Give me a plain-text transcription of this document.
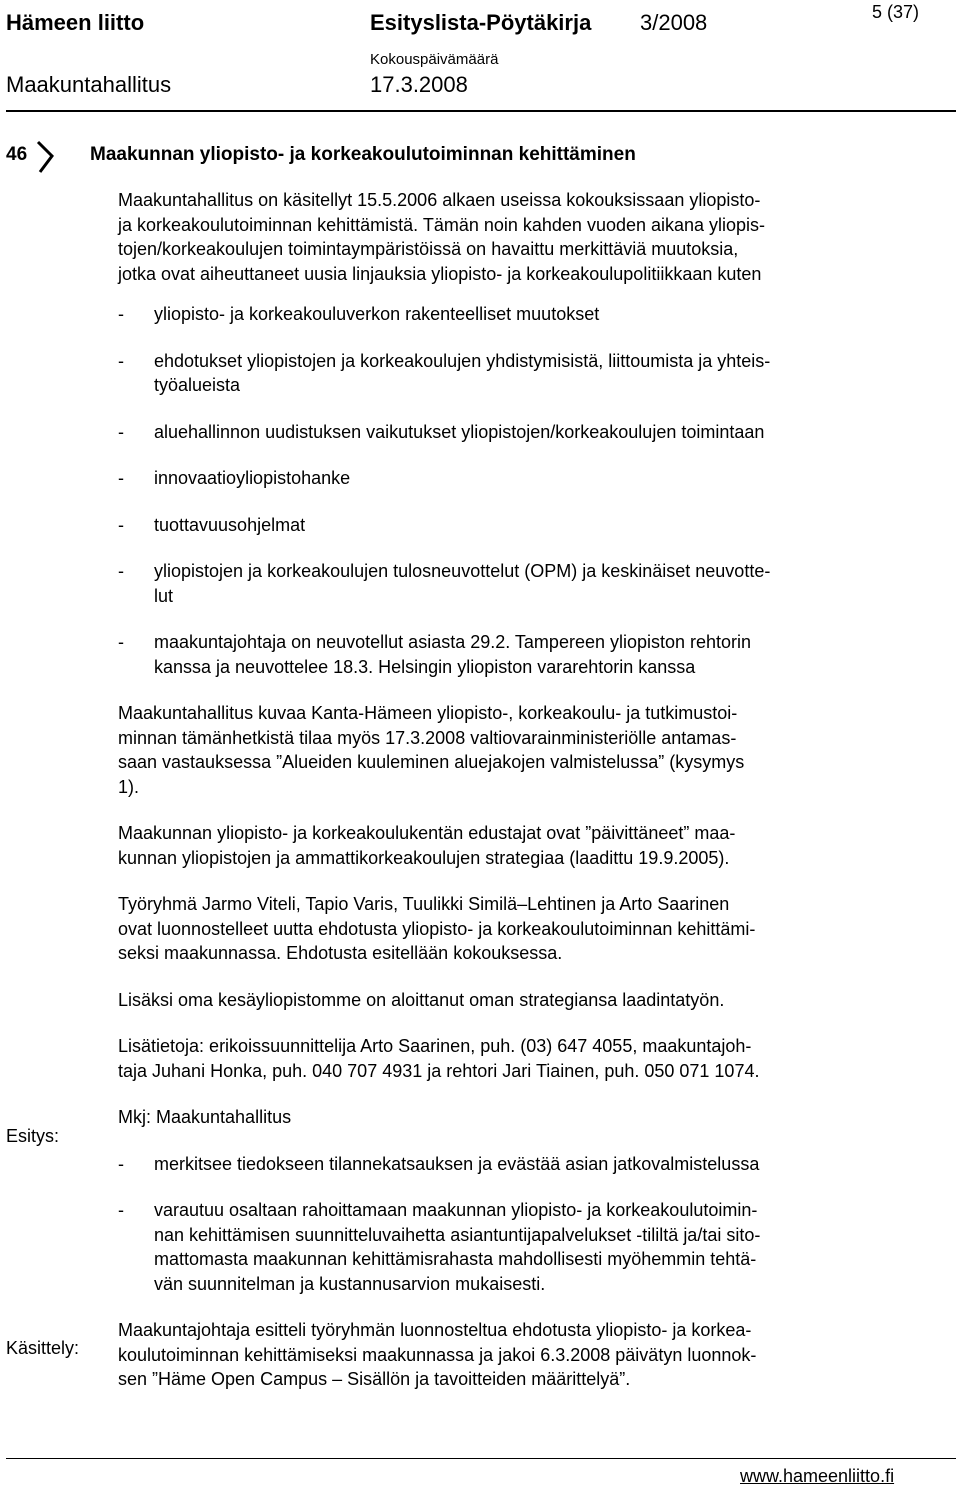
Hämeen liitto	Esityslista-Pöytäkirja 3/2008	5 (37)
Maakuntahallitus
Kokouspäivämäärä
17.3.2008
46	Maakunnan yliopisto- ja korkeakoulutoiminnan kehittäminen

Maakuntahallitus on käsitellyt 15.5.2006 alkaen useissa kokouksissaan yliopisto-
ja korkeakoulutoiminnan kehittämistä. Tämän noin kahden vuoden aikana yliopis-
tojen/korkeakoulujen toimintaympäristöissä on havaittu merkittäviä muutoksia,
jotka ovat aiheuttaneet uusia linjauksia yliopisto- ja korkeakoulupolitiikkaan kuten

- yliopisto- ja korkeakouluverkon rakenteelliset muutokset

- ehdotukset yliopistojen ja korkeakoulujen yhdistymisistä, liittoumista ja yhteis-
työalueista

- aluehallinnon uudistuksen vaikutukset yliopistojen/korkeakoulujen toimintaan

- innovaatioyliopistohanke

- tuottavuusohjelmat

- yliopistojen ja korkeakoulujen tulosneuvottelut (OPM) ja keskinäiset neuvotte-
lut

- maakuntajohtaja on neuvotellut asiasta 29.2. Tampereen yliopiston rehtorin
kanssa ja neuvottelee 18.3. Helsingin yliopiston vararehtorin kanssa

Maakuntahallitus kuvaa Kanta-Hämeen yliopisto-, korkeakoulu- ja tutkimustoi-
minnan tämänhetkistä tilaa myös 17.3.2008 valtiovarainministeriölle antamas-
saan vastauksessa ”Alueiden kuuleminen aluejakojen valmistelussa” (kysymys
1).

Maakunnan yliopisto- ja korkeakoulukentän edustajat ovat ”päivittäneet” maa-
kunnan yliopistojen ja ammattikorkeakoulujen strategiaa (laadittu 19.9.2005).

Työryhmä Jarmo Viteli, Tapio Varis, Tuulikki Similä–Lehtinen ja Arto Saarinen
ovat luonnostelleet uutta ehdotusta yliopisto- ja korkeakoulutoiminnan kehittämi-
seksi maakunnassa. Ehdotusta esitellään kokouksessa.

Lisäksi oma kesäyliopistomme on aloittanut oman strategiansa laadintatyön.

Lisätietoja: erikoissuunnittelija Arto Saarinen, puh. (03) 647 4055, maakuntajoh-
taja Juhani Honka, puh. 040 707 4931 ja rehtori Jari Tiainen, puh. 050 071 1074.

Mkj: Maakuntahallitus

- merkitsee tiedokseen tilannekatsauksen ja evästää asian jatkovalmistelussa

- varautuu osaltaan rahoittamaan maakunnan yliopisto- ja korkeakoulutoimin-
nan kehittämisen suunnitteluvaihetta asiantuntijapalvelukset -tililtä ja/tai sito-
mattomasta maakunnan kehittämisrahasta mahdollisesti myöhemmin tehtä-
vän suunnitelman ja kustannusarvion mukaisesti.

Maakuntajohtaja esitteli työryhmän luonnosteltua ehdotusta yliopisto- ja korkea-
koulutoiminnan kehittämiseksi maakunnassa ja jakoi 6.3.2008 päivätyn luonnok-
sen ”Häme Open Campus – Sisällön ja tavoitteiden määrittelyä”.

Esitys:
Käsittely:
www.hameenliitto.fi
